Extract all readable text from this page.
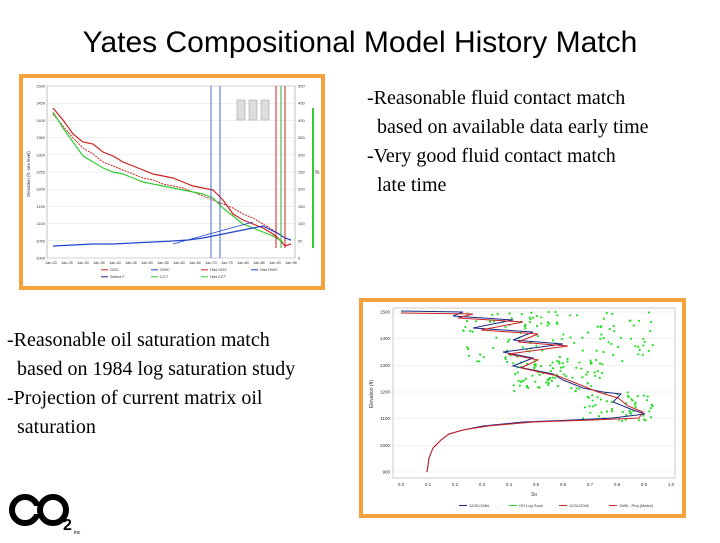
Yates Compositional Model History Match
1500
1450
1400
1350
1300
1250
1200
1150
1100
1050
1000
500
450
400
350
300
250
200
150
100
50
0
Jan-20 Jan-25 Jan-30 Jan-35 Jan-40 Jan-45 Jan-50 Jan-55 Jan-60 Jan-65 Jan-70 Jan-75 Jan-80 Jan-85 Jan-90 Jan-95
GOC	OWC	Hist GOC	Hist OWC
Select F	CCT	Hist CCT
Elevation (ft, sea level)	%
-Reasonable fluid contact match
based on available data early time
-Very good fluid contact match
late time
-Reasonable oil saturation match
based on 1984 log saturation study
-Projection of current matrix oil
saturation
1500
1400
1300
1200
1100
1000
900
0.0	0.1	0.2	0.3	0.4	0.5	0.6	0.7	0.8	0.9	1.0
12/31/1984	OH Log Sooil	12/31/2002	1985 - Proj (Match)
Elevation (ft)
So
2 inc
